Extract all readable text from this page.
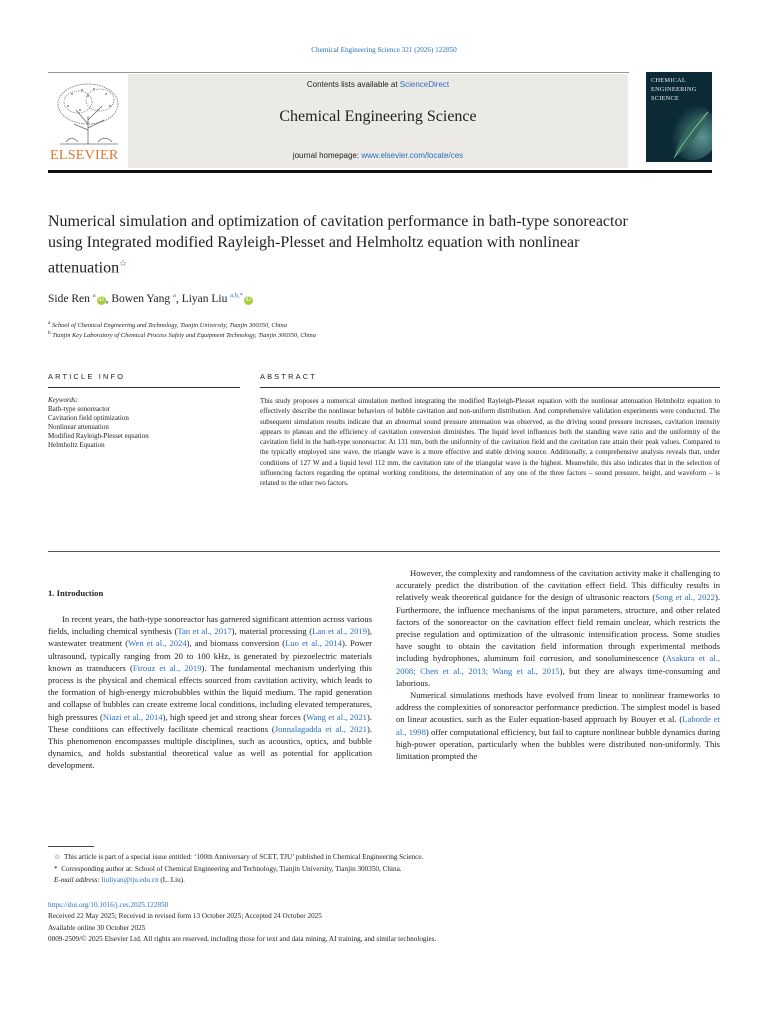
Chemical Engineering Science 321 (2026) 122850
ELSEVIER
Contents lists available at ScienceDirect
Chemical Engineering Science
journal homepage: www.elsevier.com/locate/ces
CHEMICAL
ENGINEERING
SCIENCE
Numerical simulation and optimization of cavitation performance in bath-type sonoreactor using Integrated modified Rayleigh-Plesset and Helmholtz equation with nonlinear attenuation☆
Side Ren $^a$iD , Bowen Yang $^a$, Liyan Liu $^{a,b,*}$iD
$^a$ School of Chemical Engineering and Technology, Tianjin University, Tianjin 300350, China
$^b$ Tianjin Key Laboratory of Chemical Process Safety and Equipment Technology, Tianjin 300350, China
ARTICLE INFO	ABSTRACT
Keywords:
Bath-type sonoreactor
Cavitation field optimization
Nonlinear attenuation
Modified Rayleigh-Plesset equation
Helmholtz Equation
This study proposes a numerical simulation method integrating the modified Rayleigh-Plesset equation with the nonlinear attenuation Helmholtz equation to effectively describe the nonlinear behaviors of bubble cavitation and non-uniform distribution. And comprehensive validation experiments were conducted. The subsequent simulation results indicate that an abnormal sound pressure attenuation was observed, as the driving sound pressure increases, cavitation intensity appears to plateau and the efficiency of cavitation conversion diminishes. The liquid level influences both the standing wave ratio and the uniformity of the cavitation field in the bath-type sonoreactor. At 131 mm, both the uniformity of the cavitation field and the cavitation rate attain their peak values. Compared to the typically employed sine wave, the triangle wave is a more effective and stable driving source. Additionally, a comprehensive analysis reveals that, under conditions of 127 W and a liquid level 112 mm, the cavitation rate of the triangular wave is the highest. Meanwhile, this also indicates that in the selection of influencing factors regarding the optimal working conditions, the determination of any one of the three factors – sound pressure, height, and waveform – is related to the other two factors.
1. Introduction

In recent years, the bath-type sonoreactor has garnered significant attention across various fields, including chemical synthesis (Tan et al., 2017), material processing (Lan et al., 2019), wastewater treatment (Wen et al., 2024), and biomass conversion (Luo et al., 2014). Power ultrasound, typically ranging from 20 to 100 kHz, is generated by piezoelectric materials known as transducers (Firouz et al., 2019). The fundamental mechanism underlying this process is the physical and chemical effects sourced from cavitation activity, which leads to the formation of high-energy microbubbles within the liquid medium. The rapid generation and collapse of bubbles can create extreme local conditions, including elevated temperatures, high pressures (Niazi et al., 2014), high speed jet and strong shear forces (Wang et al., 2021). These conditions can effectively facilitate chemical reactions (Jonnalagadda et al., 2021). This phenomenon encompasses multiple disciplines, such as acoustics, optics, and bubble dynamics, and holds substantial theoretical value as well as potential for application development.

However, the complexity and randomness of the cavitation activity make it challenging to accurately predict the distribution of the cavitation effect field. This difficulty results in relatively weak theoretical guidance for the design of ultrasonic reactors (Song et al., 2022). Furthermore, the influence mechanisms of the input parameters, structure, and other related factors of the sonoreactor on the cavitation effect field remain unclear, which restricts the precise regulation and optimization of the ultrasonic intensification process. Some studies have sought to obtain the cavitation field information through experimental methods including hydrophones, aluminum foil corrosion, and sonoluminescence (Asakura et al., 2008; Chen et al., 2013; Wang et al., 2015), but they are always time-consuming and laborious.

Numerical simulations methods have evolved from linear to nonlinear frameworks to address the complexities of sonoreactor performance prediction. The simplest model is based on linear acoustics. such as the Euler equation-based approach by Bouyer et al. (Laborde et al., 1998) offer computational efficiency, but fail to capture nonlinear bubble dynamics during high-power operation, particularly when the bubbles were distributed non-uniformly. This limitation prompted the

☆ This article is part of a special issue entitled: ‘100th Anniversary of SCET, TJU’ published in Chemical Engineering Science.
* Corresponding author at: School of Chemical Engineering and Technology, Tianjin University, Tianjin 300350, China.
E-mail address: liuliyan@tju.edu.cn (L. Liu).
https://doi.org/10.1016/j.ces.2025.122850
Received 22 May 2025; Received in revised form 13 October 2025; Accepted 24 October 2025
Available online 30 October 2025
0009-2509/© 2025 Elsevier Ltd. All rights are reserved, including those for text and data mining, AI training, and similar technologies.
